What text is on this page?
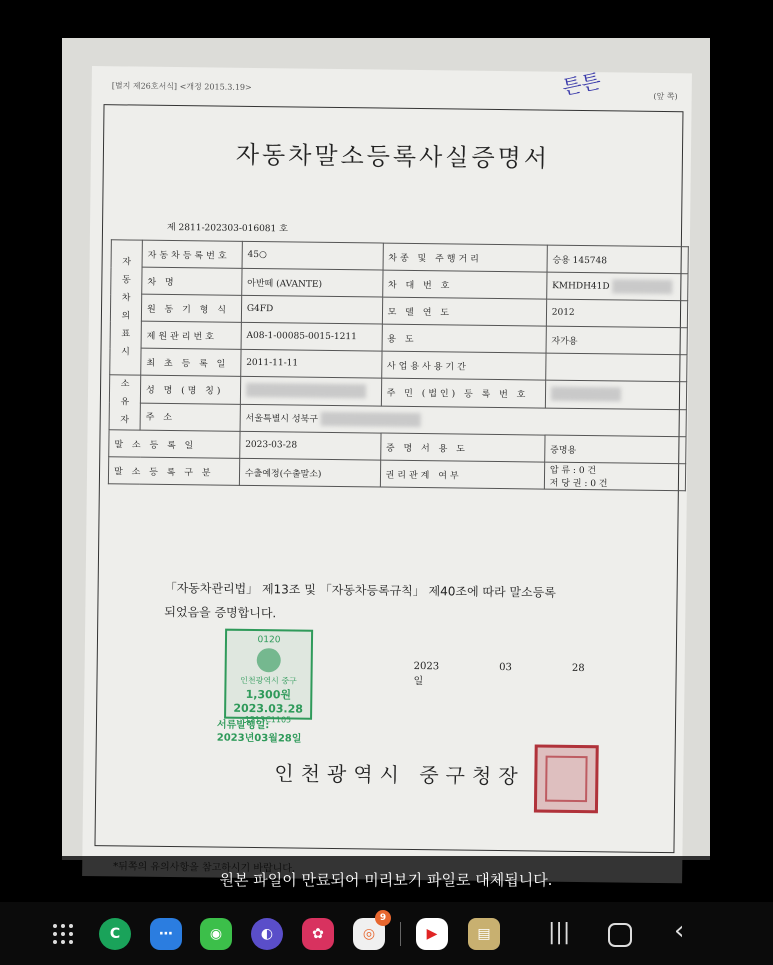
[별지 제26호서식] <개정 2015.3.19>	튼튼	(앞 쪽)
자동차말소등록사실증명서
제 2811-202303-016081 호
자 동 차 의 표 시	자동차등록번호	45○	차종 및 주행거리	승용 145748
	차 명	아반떼 (AVANTE)	차 대 번 호	KMHDH41D
	원 동 기 형 식	G4FD	모 델 연 도	2012
	제원관리번호	A08-1-00085-0015-1211	용 도	자가용
	최 초 등 록 일	2011-11-11	사업용사용기간	
소 유 자	성 명 (명 칭)		주 민 (법인) 등 록 번 호	
	주 소	서울특별시 성북구		
말 소 등 록 일		2023-03-28	증 명 서 용 도	증명용
말 소 등 록 구 분		수출예정(수출말소)	권리관계 여부	압 류 : 0 건
저 당 권 : 0 건
「자동차관리법」 제13조 및 「자동차등록규칙」 제40조에 따라 말소등록
되었음을 증명합니다.
0120
인천광역시 중구
1,300원
2023.03.28
1213C1105
서류발행일:
2023년03월28일
2023	03	28일
인천광역시 중구청장
원본 파일이 만료되어 미리보기 파일로 대체됩니다.
C	⋯	◉	◐	✿	◎
9
▶	▤	|||	‹
